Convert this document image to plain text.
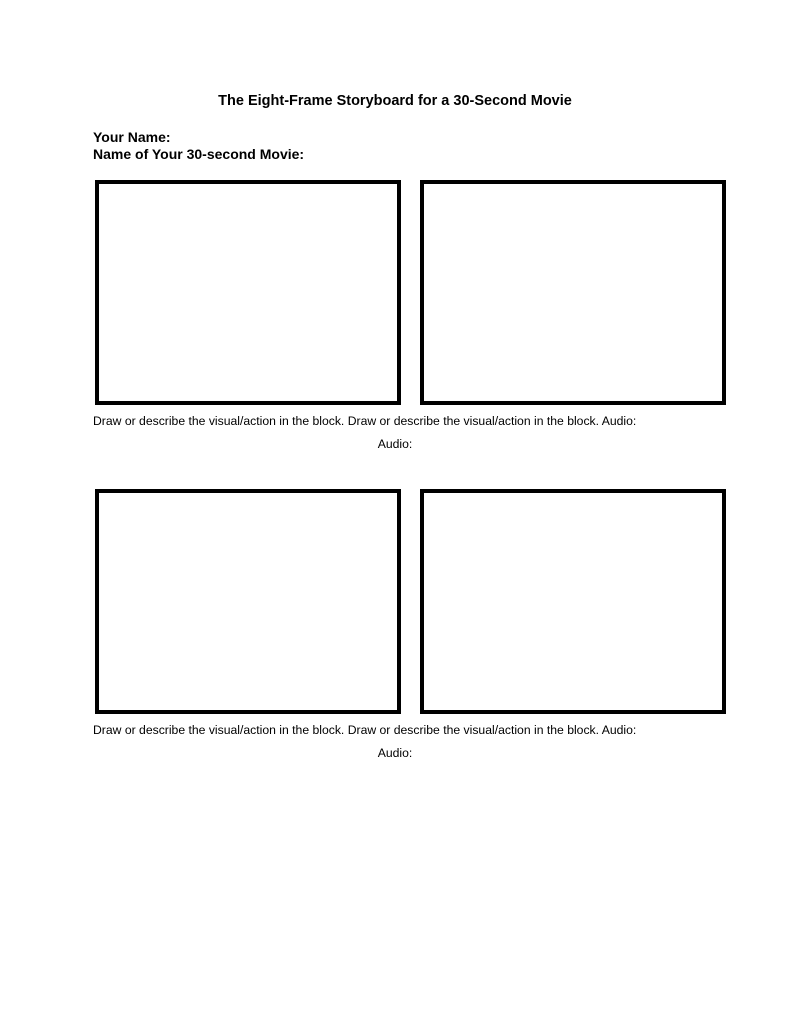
The Eight-Frame Storyboard for a 30-Second Movie
Your Name:
Name of Your 30-second Movie:
Draw or describe the visual/action in the block. Draw or describe the visual/action in the block. Audio:
Audio:
Draw or describe the visual/action in the block. Draw or describe the visual/action in the block. Audio:
Audio:
